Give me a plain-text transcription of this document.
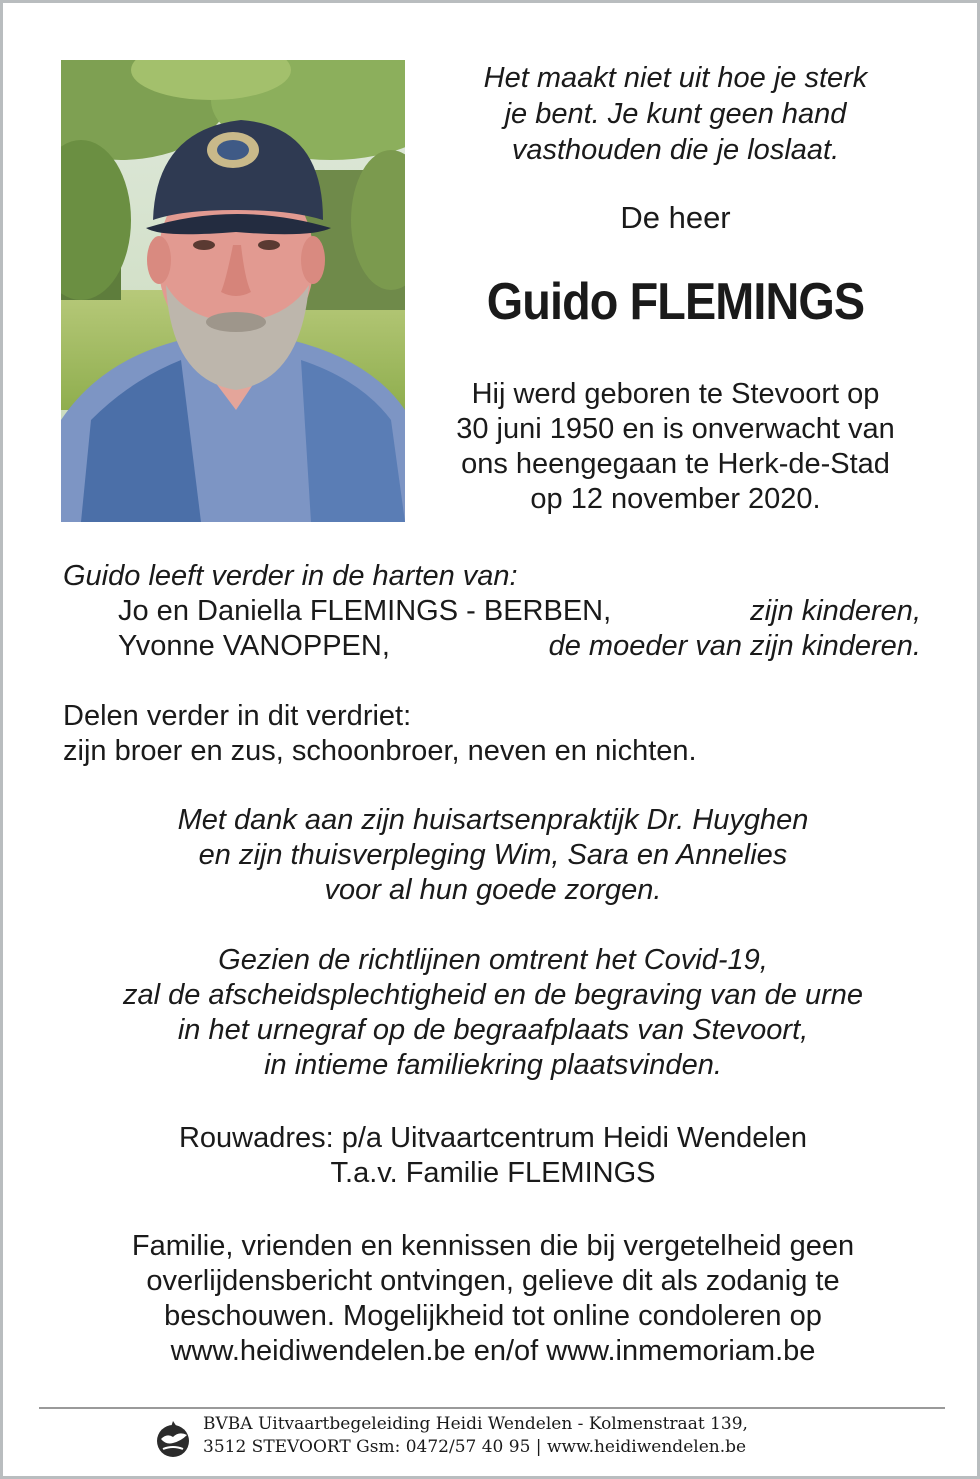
Het maakt niet uit hoe je sterk
je bent. Je kunt geen hand
vasthouden die je loslaat.
De heer
Guido FLEMINGS
Hij werd geboren te Stevoort op
30 juni 1950 en is onverwacht van
ons heengegaan te Herk-de-Stad
op 12 november 2020.
Guido leeft verder in de harten van:
Jo en Daniella FLEMINGS - BERBEN,	zijn kinderen,
Yvonne VANOPPEN,	de moeder van zijn kinderen.
Delen verder in dit verdriet:
zijn broer en zus, schoonbroer, neven en nichten.
Met dank aan zijn huisartsenpraktijk Dr. Huyghen
en zijn thuisverpleging Wim, Sara en Annelies
voor al hun goede zorgen.
Gezien de richtlijnen omtrent het Covid-19,
zal de afscheidsplechtigheid en de begraving van de urne
in het urnegraf op de begraafplaats van Stevoort,
in intieme familiekring plaatsvinden.
Rouwadres: p/a Uitvaartcentrum Heidi Wendelen
T.a.v. Familie FLEMINGS
Familie, vrienden en kennissen die bij vergetelheid geen
overlijdensbericht ontvingen, gelieve dit als zodanig te
beschouwen. Mogelijkheid tot online condoleren op
www.heidiwendelen.be en/of www.inmemoriam.be
BVBA Uitvaartbegeleiding Heidi Wendelen - Kolmenstraat 139,
3512 STEVOORT Gsm: 0472/57 40 95 | www.heidiwendelen.be
